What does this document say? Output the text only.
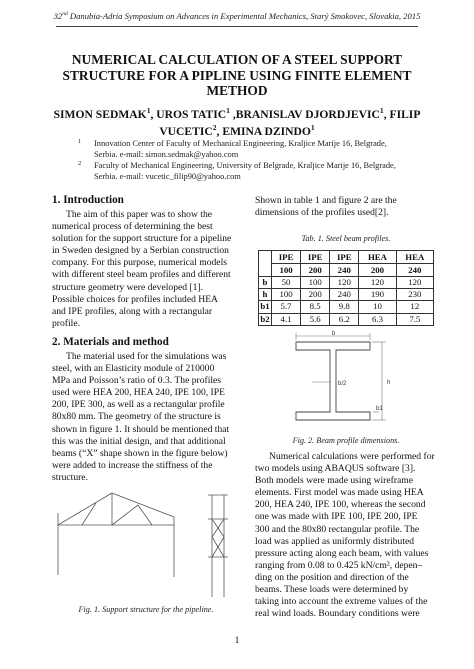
32nd Danubia-Adria Symposium on Advances in Experimental Mechanics, Starý Smokovec, Slovakia, 2015
NUMERICAL CALCULATION OF A STEEL SUPPORT
STRUCTURE FOR A PIPLINE USING FINITE ELEMENT
METHOD
SIMON SEDMAK$^1$, UROS TATIC$^1$ ,BRANISLAV DJORDJEVIC$^1$, FILIP
VUCETIC$^2$, EMINA DZINDO$^1$
1 Innovation Center of Faculty of Mechanical Engineering, Kraljice Marije 16, Belgrade,
Serbia. e-mail: simon.sedmak@yahoo.com
2 Faculty of Mechanical Engineering, University of Belgrade, Kraljice Marije 16, Belgrade,
Serbia. e-mail: vucetic_filip90@yahoo.com
1. Introduction
The aim of this paper was to show the
numerical process of determining the best
solution for the support structure for a pipeline
in Sweden designed by a Serbian construction
company. For this purpose, numerical models
with different steel beam profiles and different
structure geometry were developed [1].
Possible choices for profiles included HEA
and IPE profiles, along with a rectangular
profile.
2. Materials and method
The material used for the simulations was
steel, with an Elasticity module of 210000
MPa and Poisson’s ratio of 0.3. The profiles
used were HEA 200, HEA 240, IPE 100, IPE
200, IPE 300, as well as a rectangular profile
80x80 mm. The geometry of the structure is
shown in figure 1. It should be mentioned that
this was the initial design, and that additional
beams (“X” shape shown in the figure below)
were added to increase the stiffness of the
structure.
Fig. 1. Support structure for the pipeline.
Shown in table 1 and figure 2 are the
dimensions of the profiles used[2].
Tab. 1. Steel beam profiles.
	IPE	IPE	IPE	HEA	HEA
	100	200	240	200	240
b	50	100	120	120	120
h	100	200	240	190	230
b1	5.7	8.5	9.8	10	12
b2	4.1	5.6	6.2	6.3	7.5
b
h
b/2
b1
Fig. 2. Beam profile dimensions.
Numerical calculations were performed for
two models using ABAQUS software [3].
Both models were made using wireframe
elements. First model was made using HEA
200, HEA 240, IPE 100, whereas the second
one was made with IPE 100, IPE 200, IPE
300 and the 80x80 rectangular profile. The
load was applied as uniformly distributed
pressure acting along each beam, with values
ranging from 0.08 to 0.425 kN/cm², depen–
ding on the position and direction of the
beams. These loads were determined by
taking into account the extreme values of the
real wind loads. Boundary conditions were
1
